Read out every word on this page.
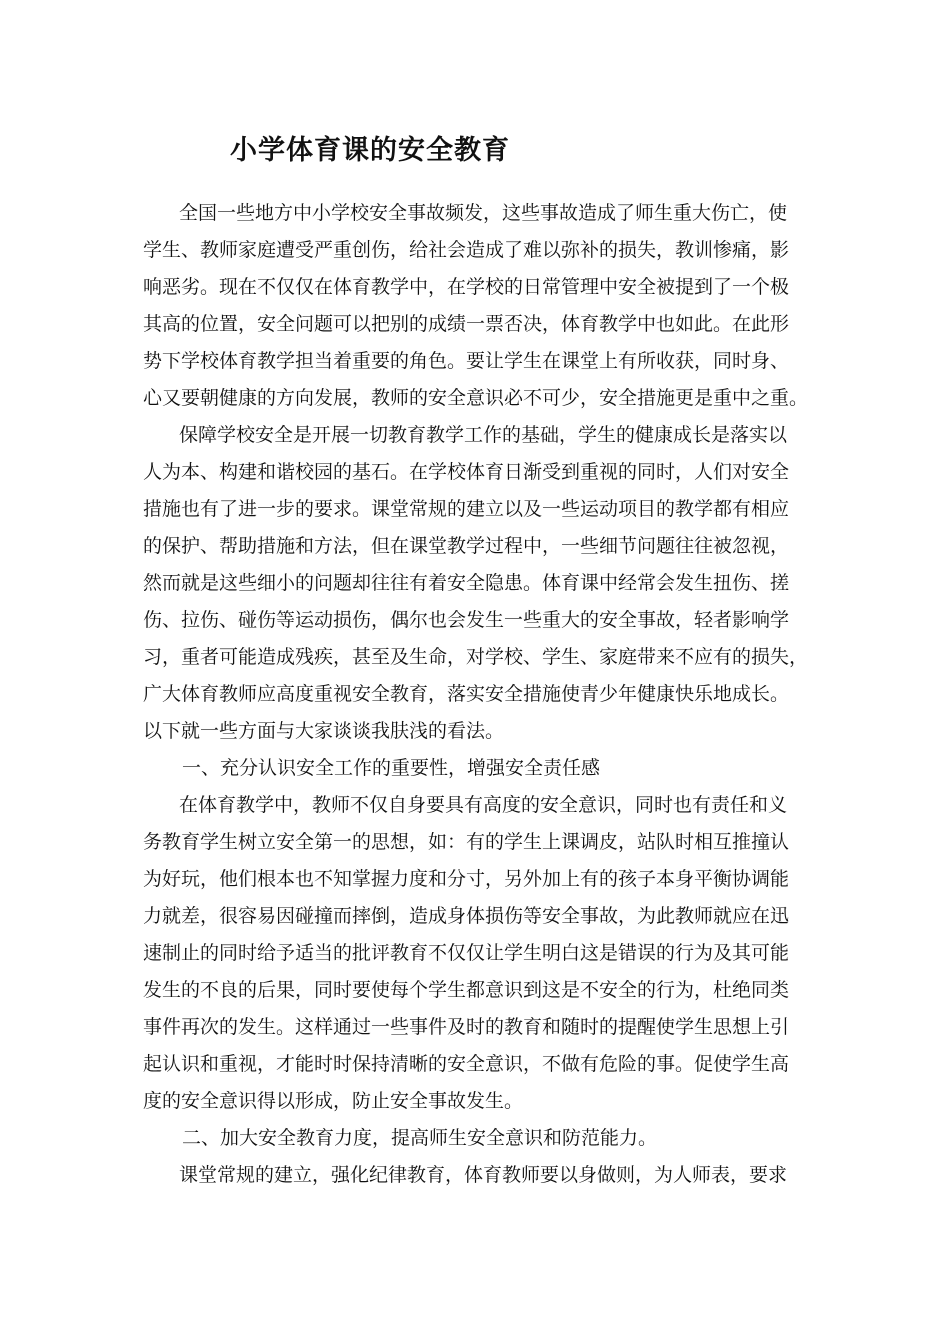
小学体育课的安全教育

全国一些地方中小学校安全事故频发，这些事故造成了师生重大伤亡，使

学生、教师家庭遭受严重创伤，给社会造成了难以弥补的损失，教训惨痛，影

响恶劣。现在不仅仅在体育教学中，在学校的日常管理中安全被提到了一个极

其高的位置，安全问题可以把别的成绩一票否决，体育教学中也如此。在此形

势下学校体育教学担当着重要的角色。要让学生在课堂上有所收获，同时身、

心又要朝健康的方向发展，教师的安全意识必不可少，安全措施更是重中之重。

保障学校安全是开展一切教育教学工作的基础，学生的健康成长是落实以

人为本、构建和谐校园的基石。在学校体育日渐受到重视的同时，人们对安全

措施也有了进一步的要求。课堂常规的建立以及一些运动项目的教学都有相应

的保护、帮助措施和方法，但在课堂教学过程中，一些细节问题往往被忽视，

然而就是这些细小的问题却往往有着安全隐患。体育课中经常会发生扭伤、搓

伤、拉伤、碰伤等运动损伤，偶尔也会发生一些重大的安全事故，轻者影响学

习，重者可能造成残疾，甚至及生命，对学校、学生、家庭带来不应有的损失，

广大体育教师应高度重视安全教育，落实安全措施使青少年健康快乐地成长。

以下就一些方面与大家谈谈我肤浅的看法。

一、充分认识安全工作的重要性，增强安全责任感

在体育教学中，教师不仅自身要具有高度的安全意识，同时也有责任和义

务教育学生树立安全第一的思想，如：有的学生上课调皮，站队时相互推撞认

为好玩，他们根本也不知掌握力度和分寸，另外加上有的孩子本身平衡协调能

力就差，很容易因碰撞而摔倒，造成身体损伤等安全事故，为此教师就应在迅

速制止的同时给予适当的批评教育不仅仅让学生明白这是错误的行为及其可能

发生的不良的后果，同时要使每个学生都意识到这是不安全的行为，杜绝同类

事件再次的发生。这样通过一些事件及时的教育和随时的提醒使学生思想上引

起认识和重视，才能时时保持清晰的安全意识，不做有危险的事。促使学生高

度的安全意识得以形成，防止安全事故发生。

二、加大安全教育力度，提高师生安全意识和防范能力。

课堂常规的建立，强化纪律教育，体育教师要以身做则，为人师表，要求
